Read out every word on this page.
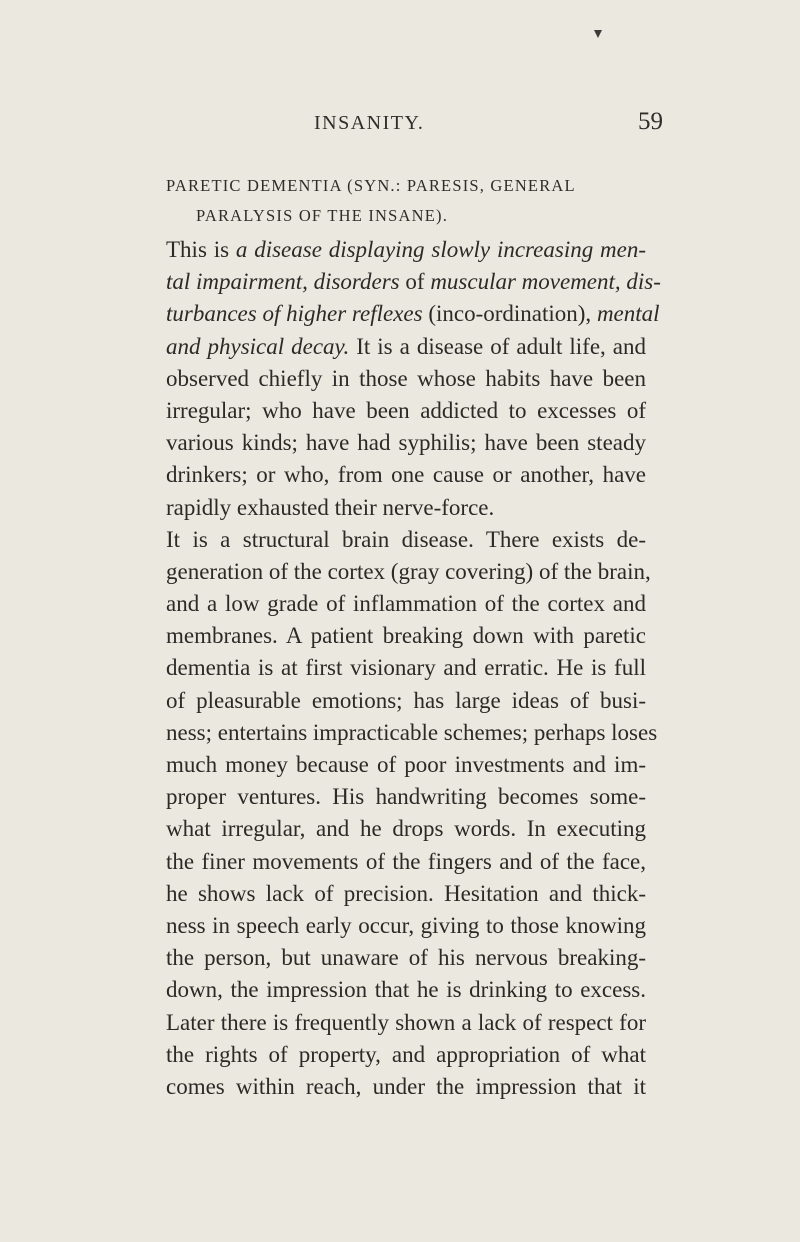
INSANITY.	59
PARETIC DEMENTIA (SYN.: PARESIS, GENERAL
PARALYSIS OF THE INSANE).
This is a disease displaying slowly increasing men-
tal impairment, disorders of muscular movement, dis-
turbances of higher reflexes (inco-ordination), mental
and physical decay. It is a disease of adult life, and
observed chiefly in those whose habits have been
irregular; who have been addicted to excesses of
various kinds; have had syphilis; have been steady
drinkers; or who, from one cause or another, have
rapidly exhausted their nerve-force.
It is a structural brain disease. There exists de-
generation of the cortex (gray covering) of the brain,
and a low grade of inflammation of the cortex and
membranes. A patient breaking down with paretic
dementia is at first visionary and erratic. He is full
of pleasurable emotions; has large ideas of busi-
ness; entertains impracticable schemes; perhaps loses
much money because of poor investments and im-
proper ventures. His handwriting becomes some-
what irregular, and he drops words. In executing
the finer movements of the fingers and of the face,
he shows lack of precision. Hesitation and thick-
ness in speech early occur, giving to those knowing
the person, but unaware of his nervous breaking-
down, the impression that he is drinking to excess.
Later there is frequently shown a lack of respect for
the rights of property, and appropriation of what
comes within reach, under the impression that it
